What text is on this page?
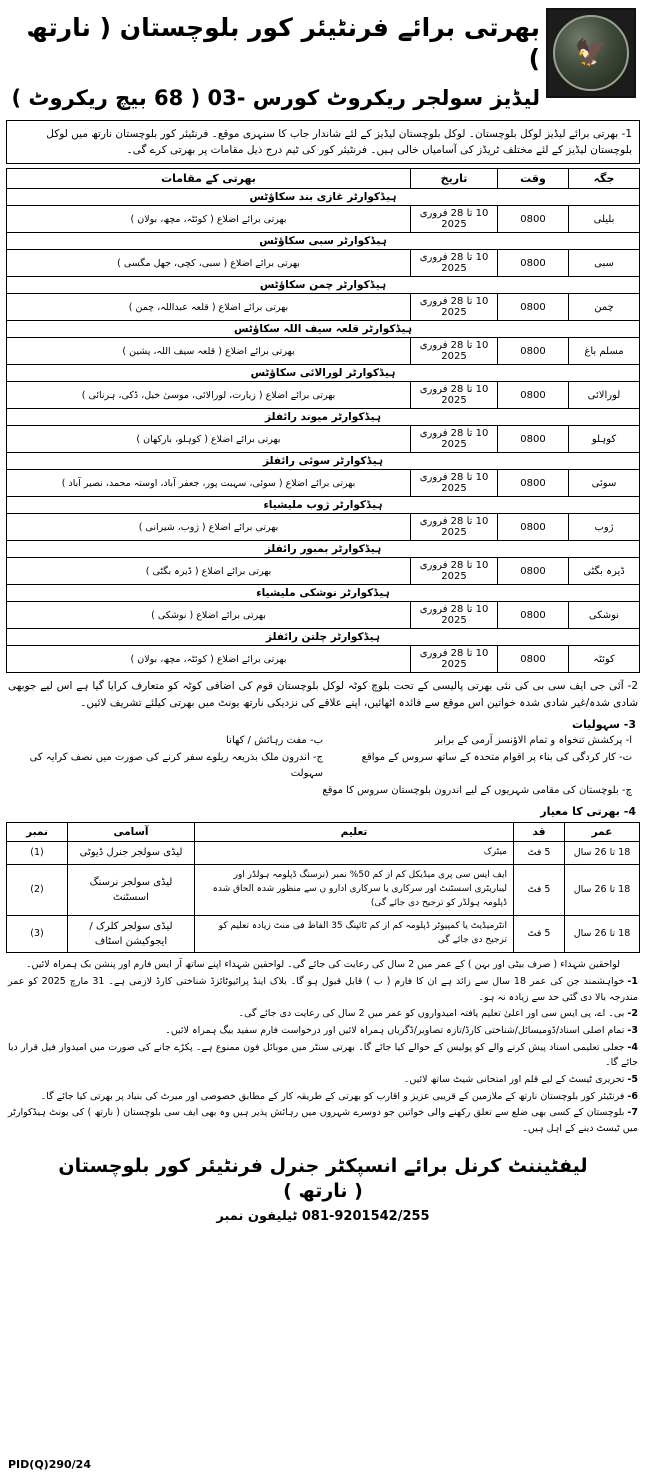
🦅
بھرتی برائے فرنٹیئر کور بلوچستان ( نارتھ )
لیڈیز سولجر ریکروٹ کورس -03 ( 68 بیچ ریکروٹ )
1- بھرتی برائے لیڈیز لوکل بلوچستان۔ لوکل بلوچستان لیڈیز کے لئے شاندار جاب کا سنہری موقع۔ فرنٹیئر کور بلوچستان نارتھ میں لوکل بلوچستان لیڈیز کے لئے مختلف ٹریڈز کی آسامیاں خالی ہیں۔ فرنٹیئر کور کی ٹیم درج ذیل مقامات پر بھرتی کرے گی۔
جگہ	وقت	تاریخ	بھرتی کے مقامات
ہیڈکوارٹر غازی بند سکاؤٹس			
بلیلی	0800	10 تا 28 فروری 2025	بھرتی برائے اضلاع ( کوئٹہ، مچھ، بولان )
ہیڈکوارٹر سبی سکاؤٹس			
سبی	0800	10 تا 28 فروری 2025	بھرتی برائے اضلاع ( سبی، کچی، جھل مگسی )
ہیڈکوارٹر چمن سکاؤٹس			
چمن	0800	10 تا 28 فروری 2025	بھرتی برائے اضلاع ( قلعہ عبداللہ، چمن )
ہیڈکوارٹر قلعہ سیف اللہ سکاؤٹس			
مسلم باغ	0800	10 تا 28 فروری 2025	بھرتی برائے اضلاع ( قلعہ سیف اللہ، پشین )
ہیڈکوارٹر لورالائی سکاؤٹس			
لورالائی	0800	10 تا 28 فروری 2025	بھرتی برائے اضلاع ( زیارت، لورالائی، موسیٰ خیل، ڈکی، ہرنائی )
ہیڈکوارٹر میوند رائفلز			
کوہلو	0800	10 تا 28 فروری 2025	بھرتی برائے اضلاع ( کوہلو، بارکھان )
ہیڈکوارٹر سوئی رائفلز			
سوئی	0800	10 تا 28 فروری 2025	بھرتی برائے اضلاع ( سوئی، سہبت پور، جعفر آباد، اوستہ محمد، نصیر آباد )
ہیڈکوارٹر ژوب ملیشیاء			
ژوب	0800	10 تا 28 فروری 2025	بھرتی برائے اضلاع ( ژوب، شیرانی )
ہیڈکوارٹر بمبور رائفلز			
ڈیرہ بگٹی	0800	10 تا 28 فروری 2025	بھرتی برائے اضلاع ( ڈیرہ بگٹی )
ہیڈکوارٹر نوشکی ملیشیاء			
نوشکی	0800	10 تا 28 فروری 2025	بھرتی برائے اضلاع ( نوشکی )
ہیڈکوارٹر چلتن رائفلز			
کوئٹہ	0800	10 تا 28 فروری 2025	بھرتی برائے اضلاع ( کوئٹہ، مچھ، بولان )
2- آئی جی ایف سی بی کی نئی بھرتی پالیسی کے تحت بلوچ کوٹہ لوکل بلوچستان قوم کی اضافی کوٹہ کو متعارف کرایا گیا ہے اس لیے جوبھی شادی شدہ/غیر شادی شدہ خواتین اس موقع سے فائدہ اٹھائیں، اپنے علاقے کی نزدیکی نارتھ یونٹ میں بھرتی کیلئے تشریف لائیں۔
3- سہولیات
ا- پرکشش تنخواہ و تمام الاؤنسز آرمی کے برابر
ب- مفت رہائش / کھانا
ت- کار کردگی کی بناء پر اقوام متحدہ کے ساتھ سروس کے مواقع
ج- اندرون ملک بذریعہ ریلوے سفر کرنے کی صورت میں نصف کرایہ کی سہولت
چ- بلوچستان کی مقامی شہریوں کے لیے اندرون بلوچستان سروس کا موقع
4- بھرتی کا معیار
عمر	قد	تعلیم	آسامی	نمبر
18 تا 26 سال	5 فٹ	میٹرک	لیڈی سولجر جنرل ڈیوٹی	(1)
18 تا 26 سال	5 فٹ	ایف ایس سی پری میڈیکل کم از کم 50% نمبر (نرسنگ ڈپلومہ ہولڈر اور لیباریٹری اسسٹنٹ اور سرکاری یا سرکاری ادارو ں سے منظور شدہ الحاق شدہ ڈپلومہ ہولڈر کو ترجیح دی جائے گی)	لیڈی سولجر نرسنگ اسسٹنٹ	(2)
18 تا 26 سال	5 فٹ	انٹرمیڈیٹ یا کمپیوٹر ڈپلومہ کم از کم ٹائپنگ 35 الفاظ فی منٹ زیادہ تعلیم کو ترجیح دی جائے گی	لیڈی سولجر کلرک / ایجوکیشن اسٹاف	(3)
لواحقین شہداء ( صرف بیٹی اور بہن ) کے عمر میں 2 سال کی رعایت کی جائے گی۔ لواحقین شہداء اپنے ساتھ آر ایس فارم اور پنشن بک ہمراہ لائیں۔
1-خواہشمند جن کی عمر 18 سال سے زائد ہے ان کا فارم ( ب ) قابل قبول ہو گا۔ بلاک اینڈ پرائیوٹائزڈ شناختی کارڈ لازمی ہے۔ 31 مارچ 2025 کو عمر مندرجہ بالا دی گئی حد سے زیادہ نہ ہو۔
2-بی۔ اے، پی ایس سی اور اعلیٰ تعلیم یافتہ امیدواروں کو عمر میں 2 سال کی رعایت دی جائے گی۔
3-تمام اصلی اسناد/ڈومیسائل/شناختی کارڈ/تازہ تصاویر/ڈگریاں ہمراہ لائیں اور درخواست فارم سفید بیگ ہمراہ لائیں۔
4-جعلی تعلیمی اسناد پیش کرنے والے کو پولیس کے حوالے کیا جائے گا۔ بھرتی سنٹر میں موبائل فون ممنوع ہے۔ پکڑے جانے کی صورت میں امیدوار فیل قرار دیا جائے گا۔
5-تحریری ٹیسٹ کے لیے قلم اور امتحانی شیٹ ساتھ لائیں۔
6-فرنٹیئر کور بلوچستان نارتھ کے ملازمین کے قریبی عزیز و اقارب کو بھرتی کے طریقہ کار کے مطابق خصوصی اور میرٹ کی بنیاد پر بھرتی کیا جائے گا۔
7-بلوچستان کے کسی بھی ضلع سے تعلق رکھنے والی خواتین جو دوسرے شہروں میں رہائش پذیر ہیں وہ بھی ایف سی بلوچستان ( نارتھ ) کی یونٹ ہیڈکوارٹر میں ٹیسٹ دینے کے اہل ہیں۔
لیفٹیننٹ کرنل برائے انسپکٹر جنرل فرنٹیئر کور بلوچستان
( نارتھ )
081-9201542/255 ٹیلیفون نمبر
PID(Q)290/24
